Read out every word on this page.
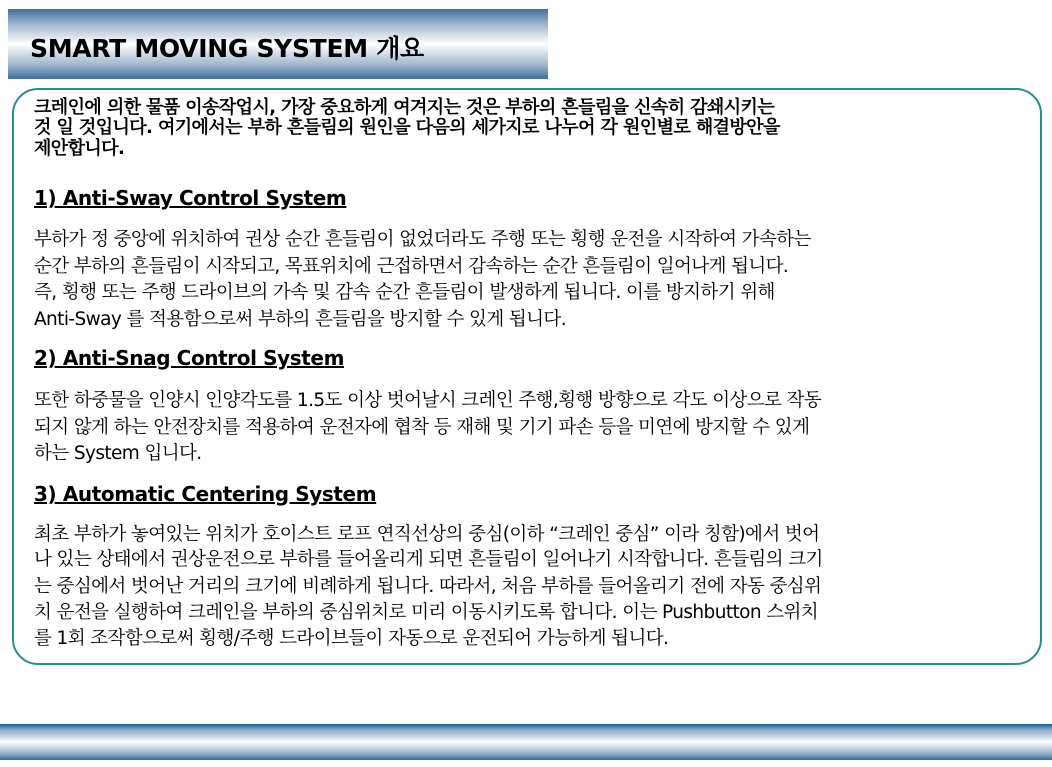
SMART MOVING SYSTEM 개요
크레인에 의한 물품 이송작업시, 가장 중요하게 여겨지는 것은 부하의 흔들림을 신속히 감쇄시키는
것 일 것입니다. 여기에서는 부하 흔들림의 원인을 다음의 세가지로 나누어 각 원인별로 해결방안을
제안합니다.
1) Anti-Sway Control System
부하가 정 중앙에 위치하여 권상 순간 흔들림이 없었더라도 주행 또는 횡행 운전을 시작하여 가속하는
순간 부하의 흔들림이 시작되고, 목표위치에 근접하면서 감속하는 순간 흔들림이 일어나게 됩니다.
즉, 횡행 또는 주행 드라이브의 가속 및 감속 순간 흔들림이 발생하게 됩니다. 이를 방지하기 위해
Anti-Sway 를 적용함으로써 부하의 흔들림을 방지할 수 있게 됩니다.
2) Anti-Snag Control System
또한 하중물을 인양시 인양각도를 1.5도 이상 벗어날시 크레인 주행,횡행 방향으로 각도 이상으로 작동
되지 않게 하는 안전장치를 적용하여 운전자에 협착 등 재해 및 기기 파손 등을 미연에 방지할 수 있게
하는 System 입니다.
3) Automatic Centering System
최초 부하가 놓여있는 위치가 호이스트 로프 연직선상의 중심(이하 “크레인 중심” 이라 칭함)에서 벗어
나 있는 상태에서 권상운전으로 부하를 들어올리게 되면 흔들림이 일어나기 시작합니다. 흔들림의 크기
는 중심에서 벗어난 거리의 크기에 비례하게 됩니다. 따라서, 처음 부하를 들어올리기 전에 자동 중심위
치 운전을 실행하여 크레인을 부하의 중심위치로 미리 이동시키도록 합니다. 이는 Pushbutton 스위치
를 1회 조작함으로써 횡행/주행 드라이브들이 자동으로 운전되어 가능하게 됩니다.
